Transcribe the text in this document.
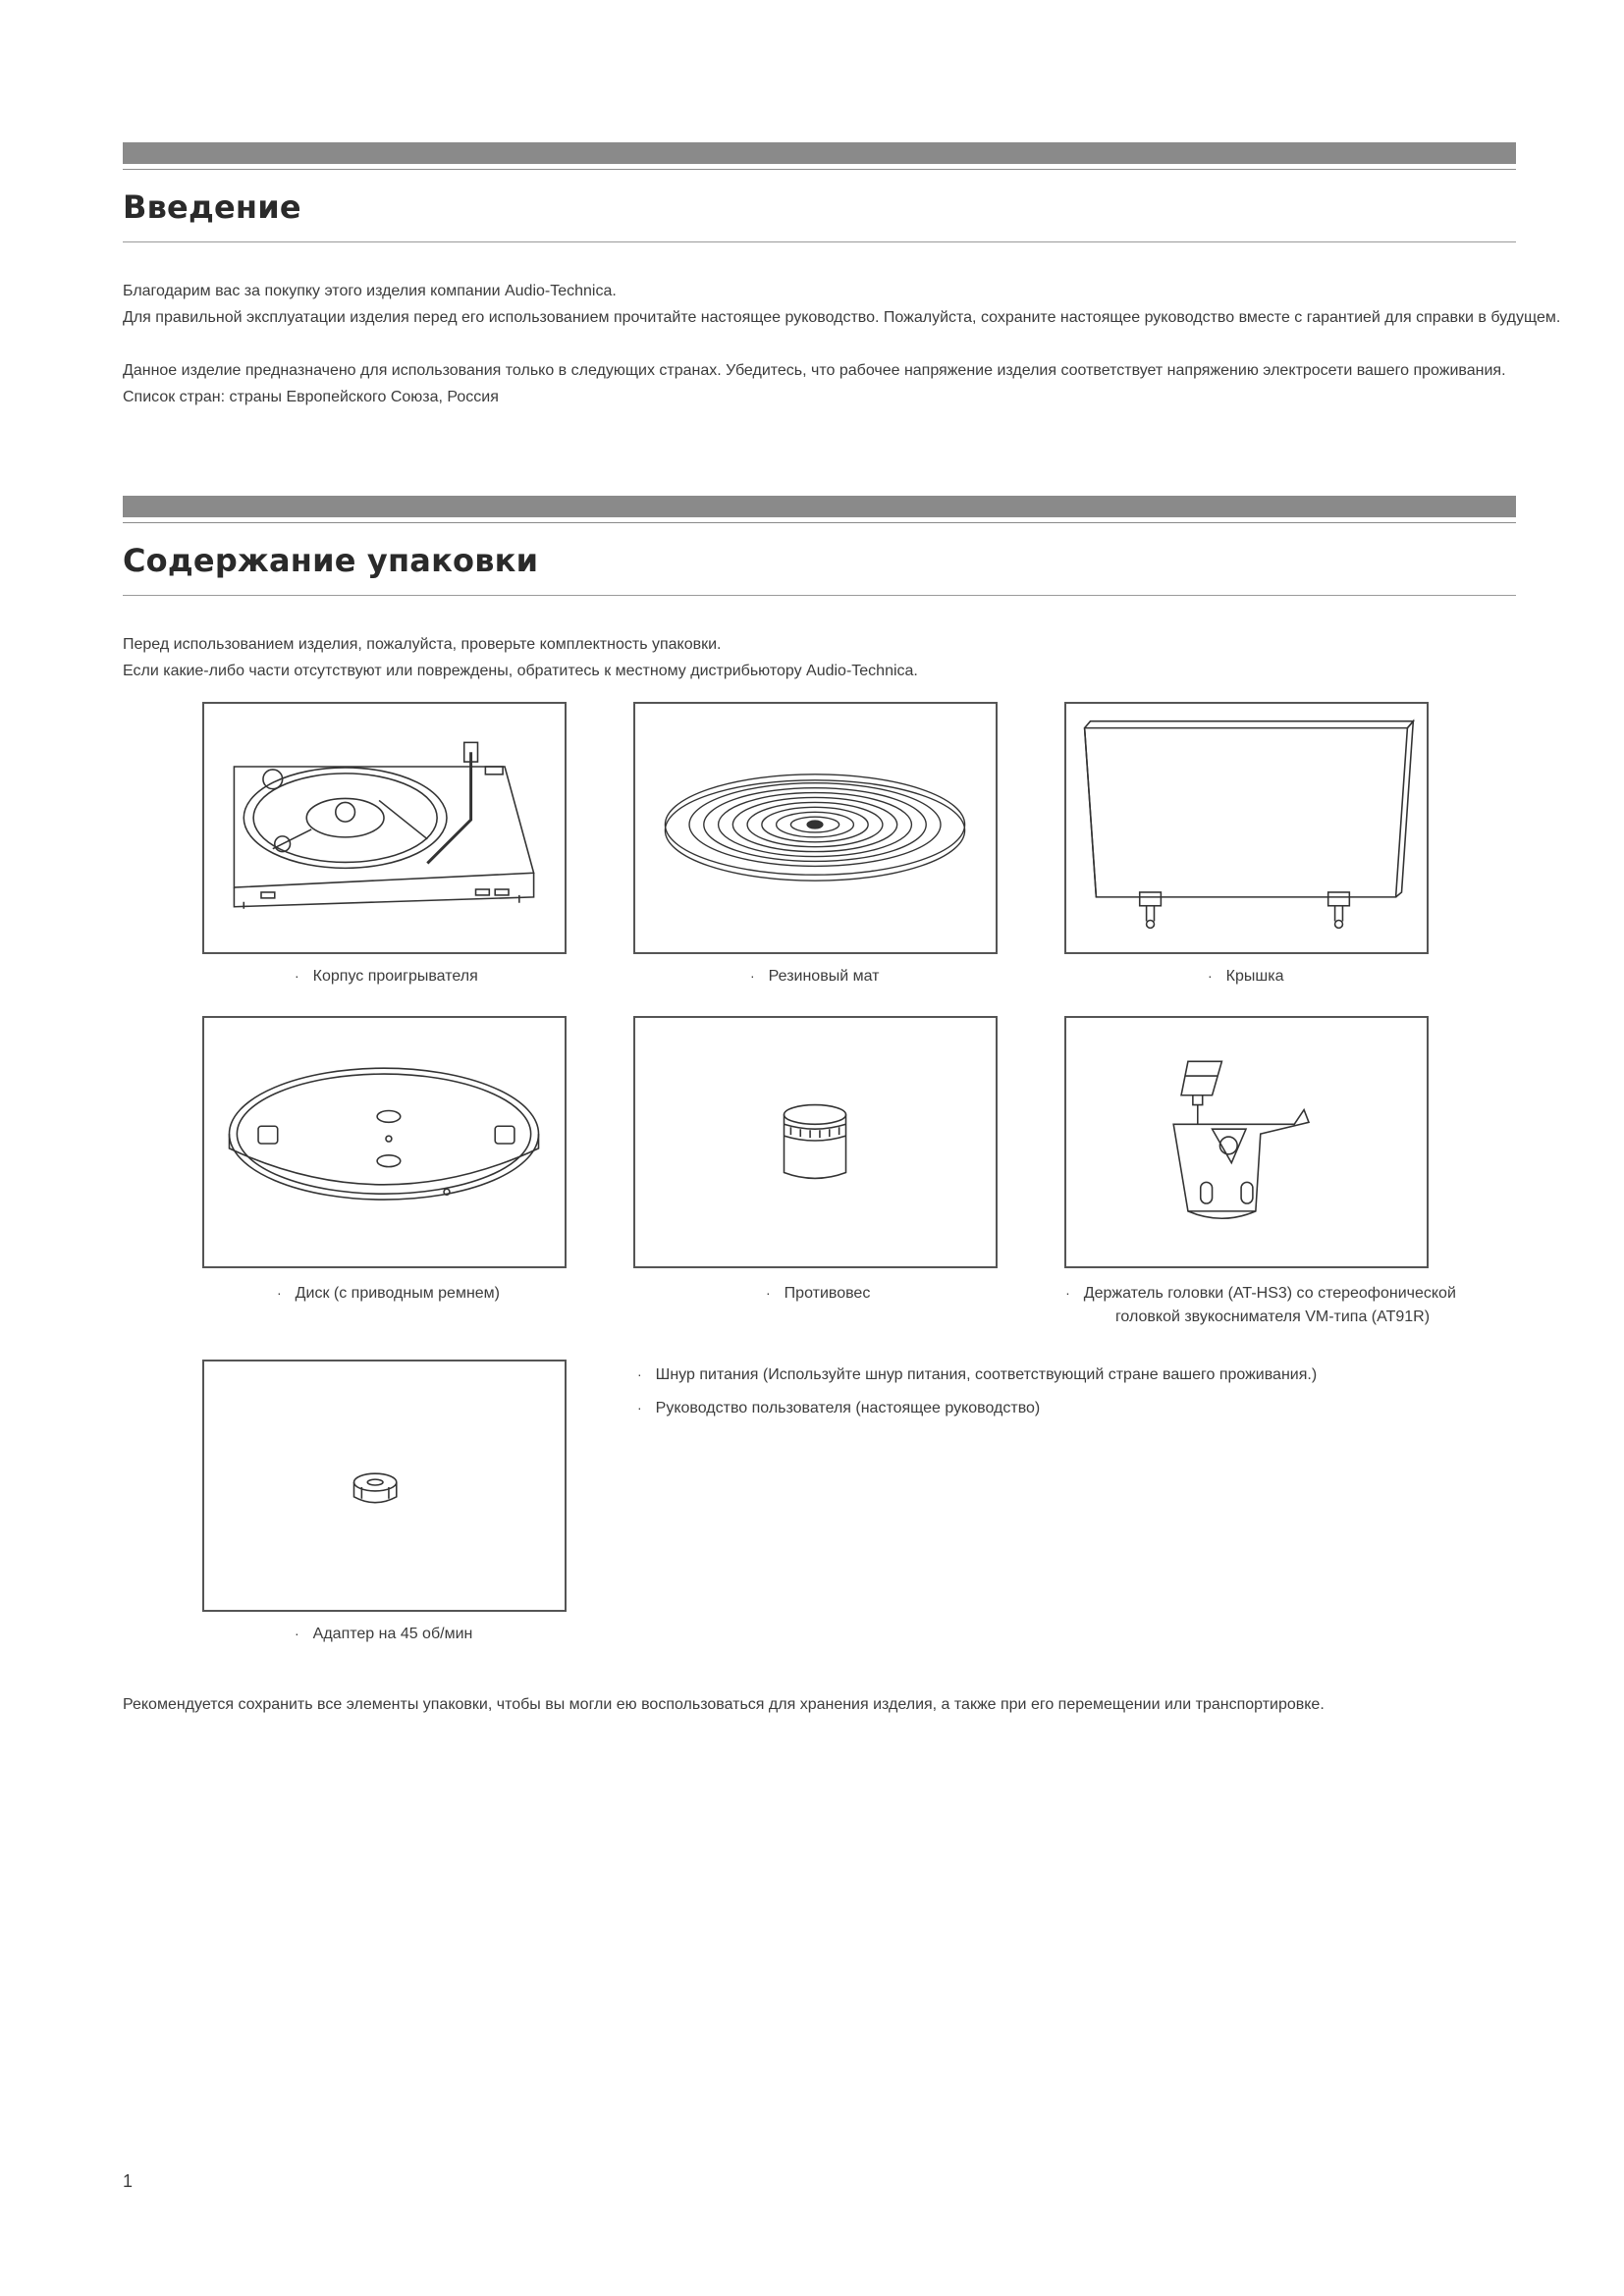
Введение
Благодарим вас за покупку этого изделия компании Audio-Technica.
Для правильной эксплуатации изделия перед его использованием прочитайте настоящее руководство. Пожалуйста, сохраните настоящее руководство вместе с гарантией для справки в будущем.
Данное изделие предназначено для использования только в следующих странах. Убедитесь, что рабочее напряжение изделия соответствует напряжению электросети вашего проживания.
Список стран: страны Европейского Союза, Россия
Содержание упаковки
Перед использованием изделия, пожалуйста, проверьте комплектность упаковки.
Если какие-либо части отсутствуют или повреждены, обратитесь к местному дистрибьютору Audio-Technica.
· Корпус проигрывателя	· Резиновый мат	· Крышка
· Диск (с приводным ремнем)	· Противовес	· Держатель головки (AT-HS3) со стереофонической
головкой звукоснимателя VM-типа (AT91R)
· Адаптер на 45 об/мин
· Шнур питания (Используйте шнур питания, соответствующий стране вашего проживания.)
· Руководство пользователя (настоящее руководство)
Рекомендуется сохранить все элементы упаковки, чтобы вы могли ею воспользоваться для хранения изделия, а также при его перемещении или транспортировке.
1
